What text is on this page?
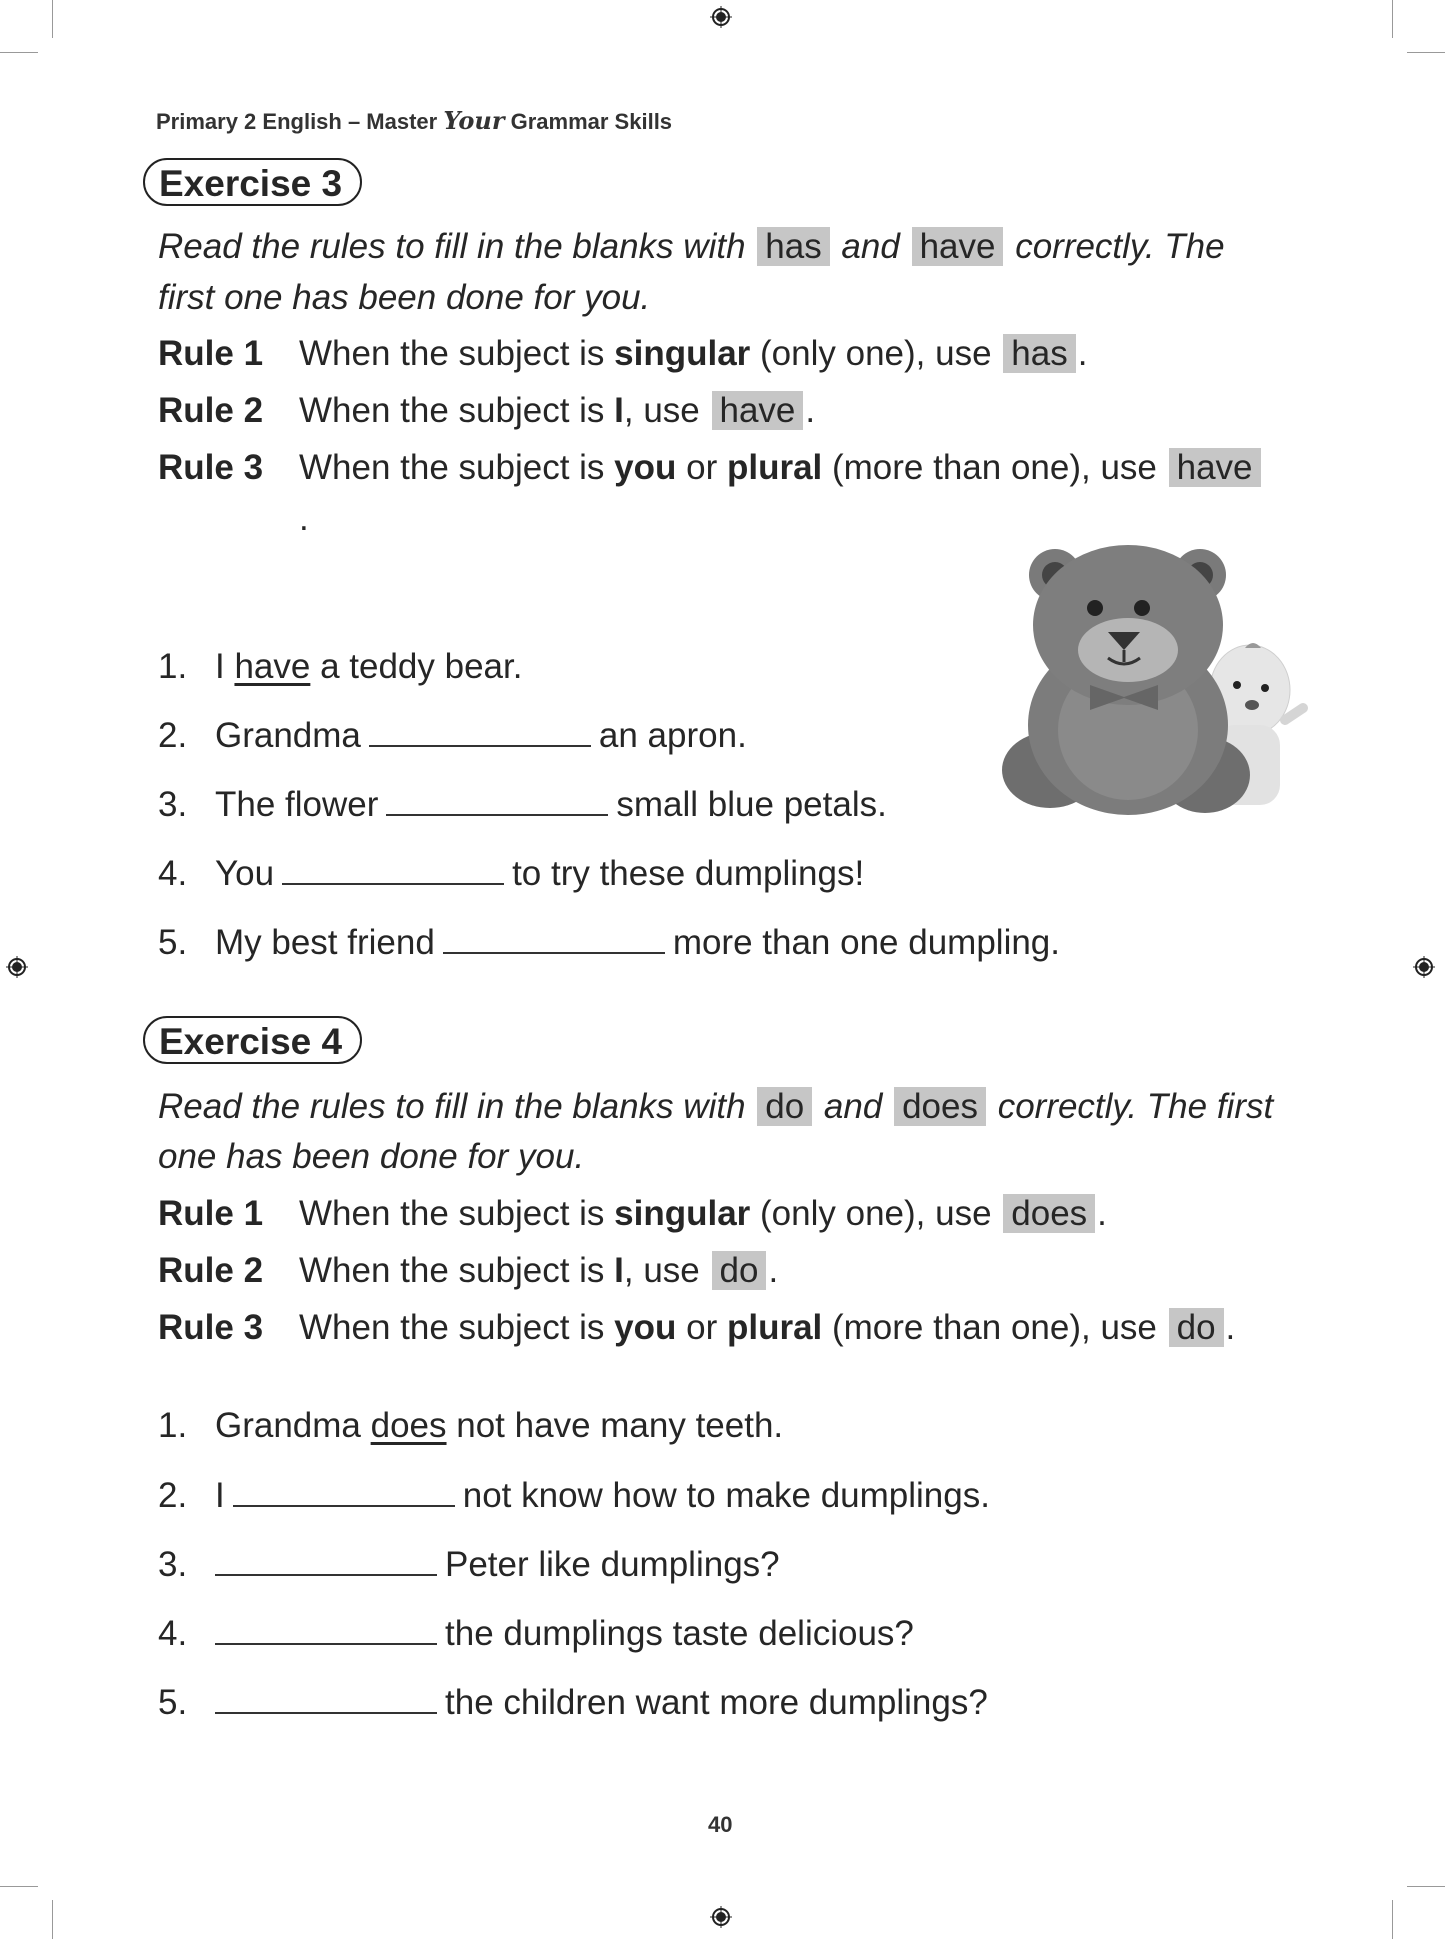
Primary 2 English – Master Your Grammar Skills
Exercise 3
Read the rules to fill in the blanks with has and have correctly. The
first one has been done for you.
Rule 1 When the subject is singular (only one), use has .
Rule 2 When the subject is I, use have .
Rule 3 When the subject is you or plural (more than one), use have
.
1. I have a teddy bear.
2. Grandma	an apron.
3. The flower	small blue petals.
4. You	to try these dumplings!
5. My best friend	more than one dumpling.
Exercise 4
Read the rules to fill in the blanks with do and does correctly. The first
one has been done for you.
Rule 1 When the subject is singular (only one), use does .
Rule 2 When the subject is I, use do .
Rule 3 When the subject is you or plural (more than one), use do .
1. Grandma does not have many teeth.
2. I	not know how to make dumplings.
3.	Peter like dumplings?
4.	the dumplings taste delicious?
5.	the children want more dumplings?
40
